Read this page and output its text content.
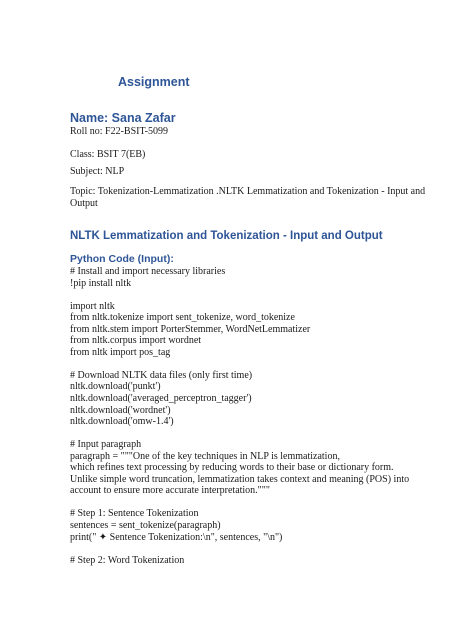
Assignment
Name: Sana Zafar
Roll no: F22-BSIT-5099
Class: BSIT 7(EB)
Subject: NLP
Topic: Tokenization-Lemmatization .NLTK Lemmatization and Tokenization - Input and
Output
NLTK Lemmatization and Tokenization - Input and Output
Python Code (Input):
# Install and import necessary libraries
!pip install nltk

import nltk
from nltk.tokenize import sent_tokenize, word_tokenize
from nltk.stem import PorterStemmer, WordNetLemmatizer
from nltk.corpus import wordnet
from nltk import pos_tag

# Download NLTK data files (only first time)
nltk.download('punkt')
nltk.download('averaged_perceptron_tagger')
nltk.download('wordnet')
nltk.download('omw-1.4')

# Input paragraph
paragraph = """One of the key techniques in NLP is lemmatization,
which refines text processing by reducing words to their base or dictionary form.
Unlike simple word truncation, lemmatization takes context and meaning (POS) into
account to ensure more accurate interpretation."""

# Step 1: Sentence Tokenization
sentences = sent_tokenize(paragraph)
print(" ✦ Sentence Tokenization:\n", sentences, "\n")

# Step 2: Word Tokenization
